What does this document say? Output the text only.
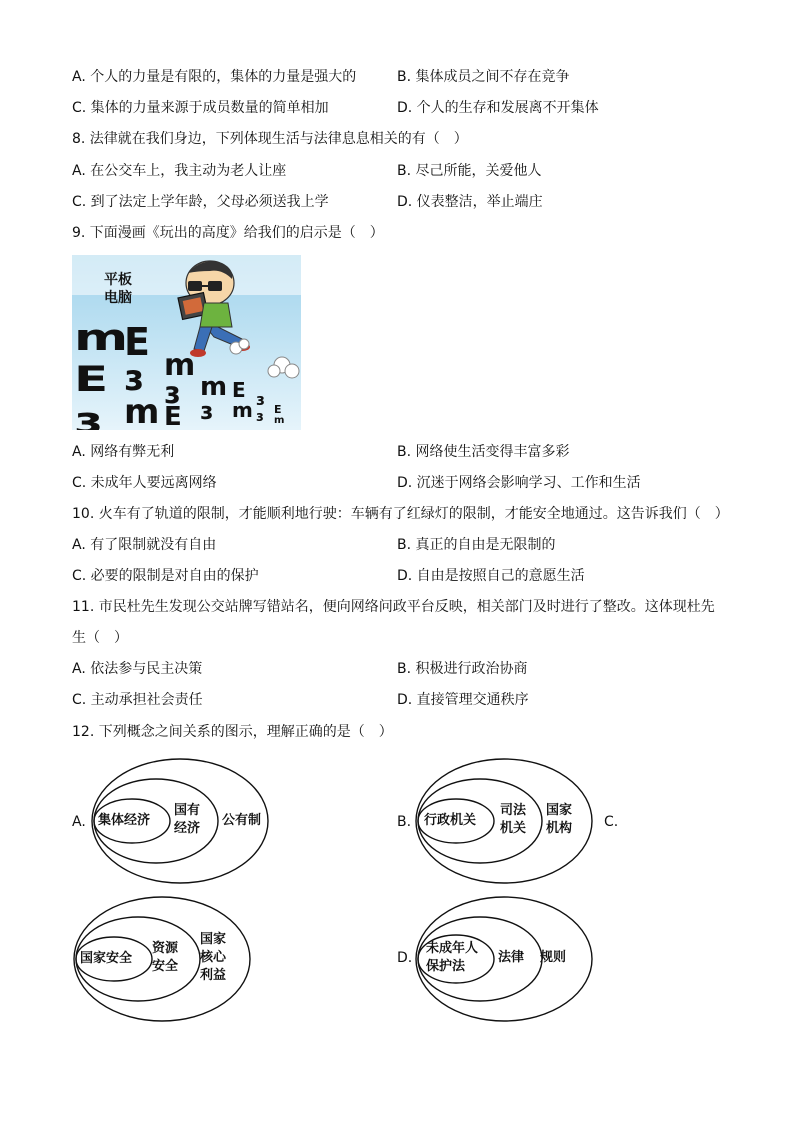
A. 个人的力量是有限的，集体的力量是强大的	B. 集体成员之间不存在竞争
C. 集体的力量来源于成员数量的简单相加	D. 个人的生存和发展离不开集体
8. 法律就在我们身边，下列体现生活与法律息息相关的有（　）
A. 在公交车上，我主动为老人让座	B. 尽己所能，关爱他人
C. 到了法定上学年龄，父母必须送我上学	D. 仪表整洁，举止端庄
9. 下面漫画《玩出的高度》给我们的启示是（　）
m
E
ɜ
E
ɜ
m
m
ɜ
E
m
ɜ
E
m ɜ
ɜ E
m
平板
电脑
A. 网络有弊无利	B. 网络使生活变得丰富多彩
C. 未成年人要远离网络	D. 沉迷于网络会影响学习、工作和生活
10. 火车有了轨道的限制，才能顺利地行驶：车辆有了红绿灯的限制，才能安全地通过。这告诉我们（　）
A. 有了限制就没有自由	B. 真正的自由是无限制的
C. 必要的限制是对自由的保护	D. 自由是按照自己的意愿生活
11. 市民杜先生发现公交站牌写错站名，便向网络问政平台反映，相关部门及时进行了整改。这体现杜先
生（　）
A. 依法参与民主决策	B. 积极进行政治协商
C. 主动承担社会责任	D. 直接管理交通秩序
12. 下列概念之间关系的图示，理解正确的是（　）
A. 集体经济
国有
经济
公有制	B. 行政机关
司法
机关
国家
机构 C.
国家安全
资源
安全
国家
核心
利益
D.
未成年人
保护法
法律 规则
